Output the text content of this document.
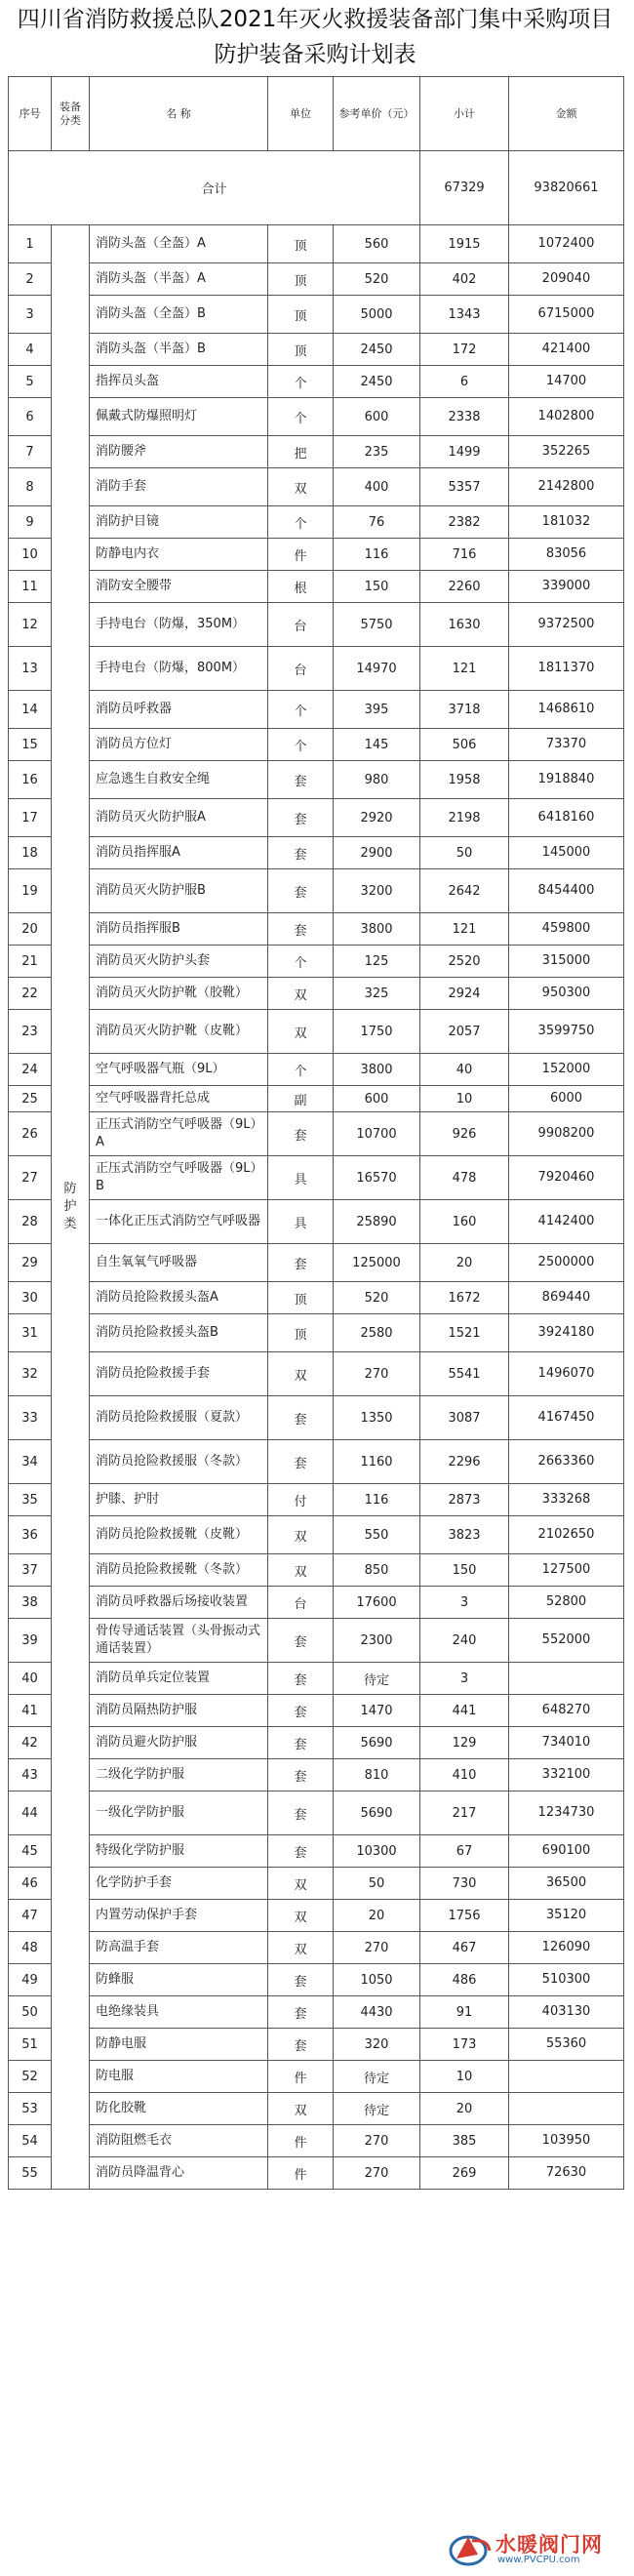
四川省消防救援总队2021年灭火救援装备部门集中采购项目防护装备采购计划表
序号	装备分类	名 称	单位	参考单价（元）	小计	金额
合计					67329	93820661
1	防护类	消防头盔（全盔）A	顶	560	1915	1072400
2		消防头盔（半盔）A	顶	520	402	209040
3		消防头盔（全盔）B	顶	5000	1343	6715000
4		消防头盔（半盔）B	顶	2450	172	421400
5		指挥员头盔	个	2450	6	14700
6		佩戴式防爆照明灯	个	600	2338	1402800
7		消防腰斧	把	235	1499	352265
8		消防手套	双	400	5357	2142800
9		消防护目镜	个	76	2382	181032
10		防静电内衣	件	116	716	83056
11		消防安全腰带	根	150	2260	339000
12		手持电台（防爆，350M）	台	5750	1630	9372500
13		手持电台（防爆，800M）	台	14970	121	1811370
14		消防员呼救器	个	395	3718	1468610
15		消防员方位灯	个	145	506	73370
16		应急逃生自救安全绳	套	980	1958	1918840
17		消防员灭火防护服A	套	2920	2198	6418160
18		消防员指挥服A	套	2900	50	145000
19		消防员灭火防护服B	套	3200	2642	8454400
20		消防员指挥服B	套	3800	121	459800
21		消防员灭火防护头套	个	125	2520	315000
22		消防员灭火防护靴（胶靴）	双	325	2924	950300
23		消防员灭火防护靴（皮靴）	双	1750	2057	3599750
24		空气呼吸器气瓶（9L）	个	3800	40	152000
25		空气呼吸器背托总成	副	600	10	6000
26		正压式消防空气呼吸器（9L）A	套	10700	926	9908200
27		正压式消防空气呼吸器（9L）B	具	16570	478	7920460
28		一体化正压式消防空气呼吸器	具	25890	160	4142400
29		自生氧氧气呼吸器	套	125000	20	2500000
30		消防员抢险救援头盔A	顶	520	1672	869440
31		消防员抢险救援头盔B	顶	2580	1521	3924180
32		消防员抢险救援手套	双	270	5541	1496070
33		消防员抢险救援服（夏款）	套	1350	3087	4167450
34		消防员抢险救援服（冬款）	套	1160	2296	2663360
35		护膝、护肘	付	116	2873	333268
36		消防员抢险救援靴（皮靴）	双	550	3823	2102650
37		消防员抢险救援靴（冬款）	双	850	150	127500
38		消防员呼救器后场接收装置	台	17600	3	52800
39		骨传导通话装置（头骨振动式通话装置）	套	2300	240	552000
40		消防员单兵定位装置	套	待定	3	
41		消防员隔热防护服	套	1470	441	648270
42		消防员避火防护服	套	5690	129	734010
43		二级化学防护服	套	810	410	332100
44		一级化学防护服	套	5690	217	1234730
45		特级化学防护服	套	10300	67	690100
46		化学防护手套	双	50	730	36500
47		内置劳动保护手套	双	20	1756	35120
48		防高温手套	双	270	467	126090
49		防蜂服	套	1050	486	510300
50		电绝缘装具	套	4430	91	403130
51		防静电服	套	320	173	55360
52		防电服	件	待定	10	
53		防化胶靴	双	待定	20	
54		消防阻燃毛衣	件	270	385	103950
55		消防员降温背心	件	270	269	72630
水暖阀门网
www.PVCPU.com
